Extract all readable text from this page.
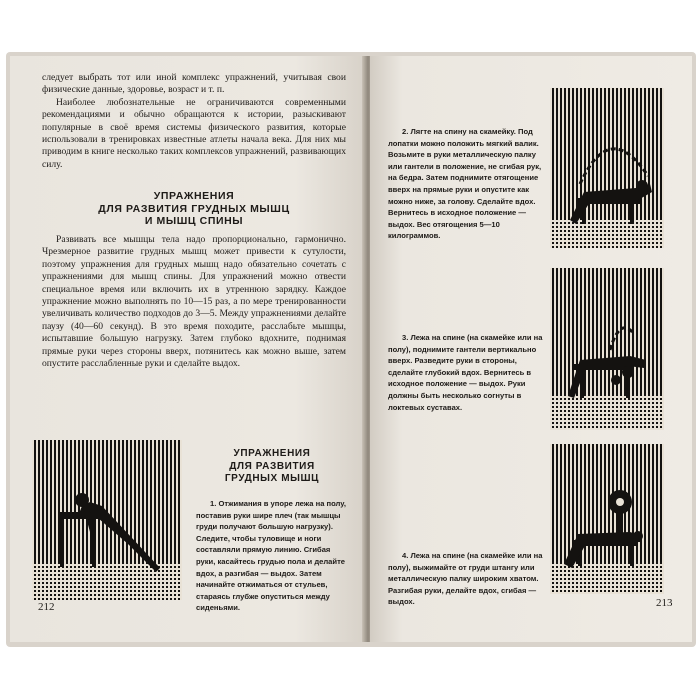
следует выбрать тот или иной комплекс упражнений, учитывая свои физические данные, здоровье, возраст и т. п.

Наиболее любознательные не ограничиваются современными рекомендациями и обычно обращаются к истории, разыскивают популярные в своё время системы физического развития, которые использовали в тренировках известные атлеты начала века. Для них мы приводим в книге несколько таких комплексов упражнений, развивающих силу.

УПРАЖНЕНИЯ
ДЛЯ РАЗВИТИЯ ГРУДНЫХ МЫШЦ
И МЫШЦ СПИНЫ

Развивать все мышцы тела надо пропорционально, гармонично. Чрезмерное развитие грудных мышц может привести к сутулости, поэтому упражнения для грудных мышц надо обязательно сочетать с упражнениями для мышц спины. Для упражнений можно отвести специальное время или включить их в утреннюю зарядку. Каждое упражнение можно выполнять по 10—15 раз, а по мере тренированности увеличивать количество подходов до 3—5. Между упражнениями делайте паузу (40—60 секунд). В это время походите, расслабьте мышцы, испытавшие большую нагрузку. Затем глубоко вдохните, поднимая прямые руки через стороны вверх, потянитесь как можно выше, затем опустите расслабленные руки и сделайте выдох.

УПРАЖНЕНИЯ
ДЛЯ РАЗВИТИЯ
ГРУДНЫХ МЫШЦ

1. Отжимания в упоре лежа на полу, поставив руки шире плеч (так мышцы груди получают большую нагрузку). Следите, чтобы туловище и ноги составляли прямую линию. Сгибая руки, касайтесь грудью пола и делайте вдох, а разгибая — выдох. Затем начинайте отжиматься от стульев, стараясь глубже опуститься между сиденьями.

212

2. Лягте на спину на скамейку. Под лопатки можно положить мягкий валик. Возьмите в руки металлическую палку или гантели в положение, не сгибая рук, на бедра. Затем поднимите отягощение вверх на прямые руки и опустите как можно ниже, за голову. Сделайте вдох. Вернитесь в исходное положение — выдох. Вес отягощения 5—10 килограммов.

3. Лежа на спине (на скамейке или на полу), поднимите гантели вертикально вверх. Разведите руки в стороны, сделайте глубокий вдох. Вернитесь в исходное положение — выдох. Руки должны быть несколько согнуты в локтевых суставах.

4. Лежа на спине (на скамейке или на полу), выжимайте от груди штангу или металлическую палку широким хватом. Разгибая руки, делайте вдох, сгибая — выдох.	213
